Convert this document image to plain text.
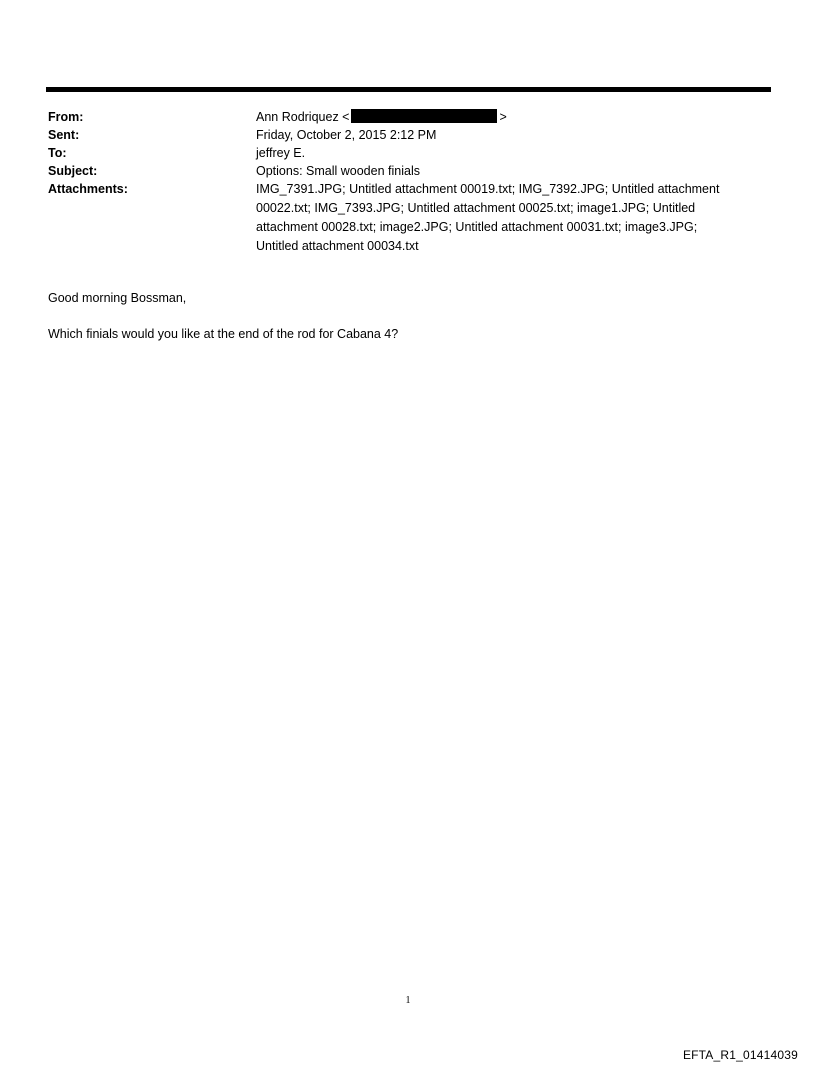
From:	Ann Rodriquez <	>
Sent:	Friday, October 2, 2015 2:12 PM
To:	jeffrey E.
Subject:	Options: Small wooden finials
Attachments:	IMG_7391.JPG; Untitled attachment 00019.txt; IMG_7392.JPG; Untitled attachment
00022.txt; IMG_7393.JPG; Untitled attachment 00025.txt; image1.JPG; Untitled
attachment 00028.txt; image2.JPG; Untitled attachment 00031.txt; image3.JPG;
Untitled attachment 00034.txt
Good morning Bossman,
Which finials would you like at the end of the rod for Cabana 4?
1
EFTA_R1_01414039
